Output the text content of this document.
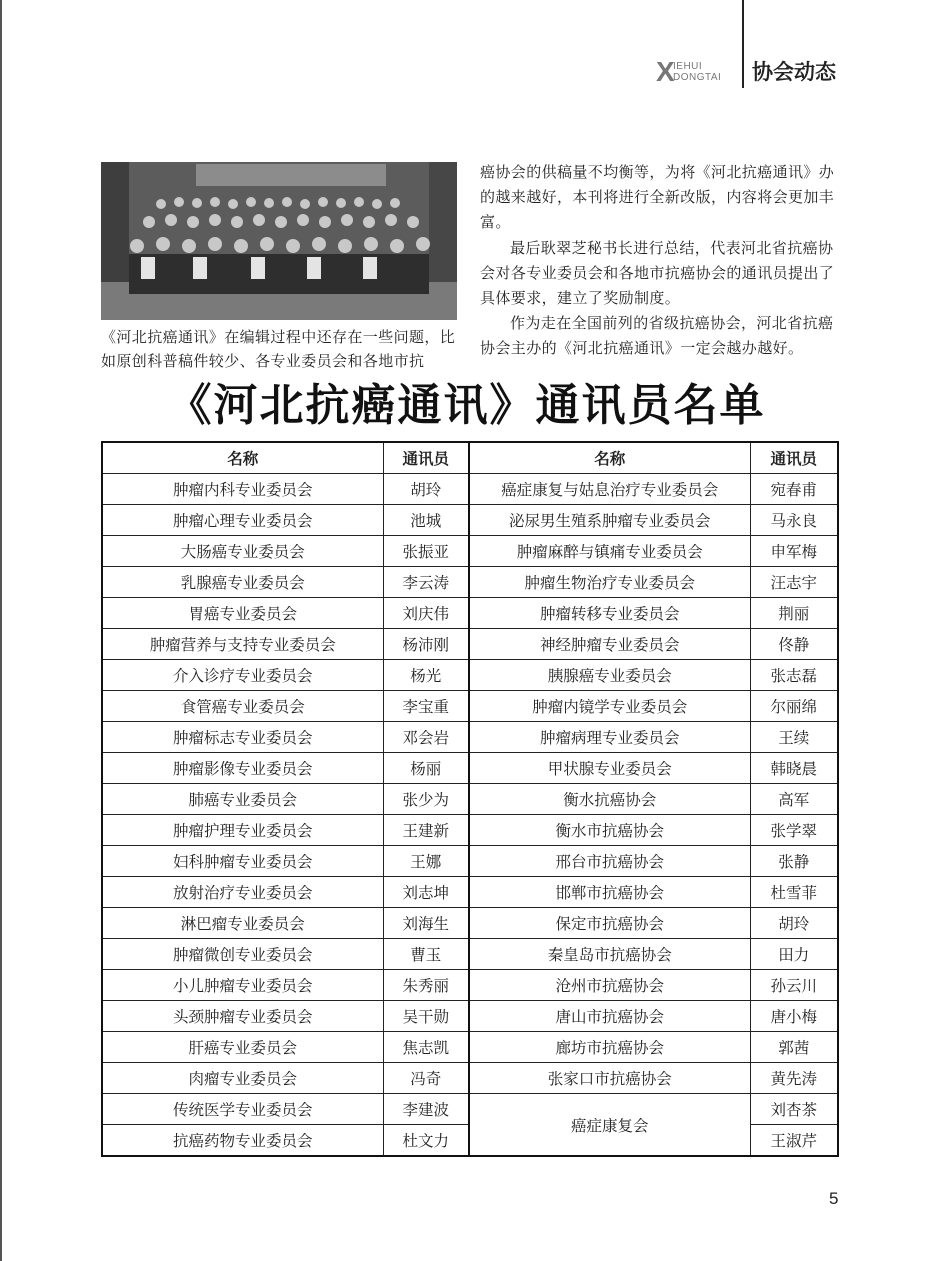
X
IEHUI
DONGTAI 协会动态
《河北抗癌通讯》在编辑过程中还存在一些问题，比如原创科普稿件较少、各专业委员会和各地市抗

癌协会的供稿量不均衡等，为将《河北抗癌通讯》办的越来越好，本刊将进行全新改版，内容将会更加丰富。

最后耿翠芝秘书长进行总结，代表河北省抗癌协会对各专业委员会和各地市抗癌协会的通讯员提出了具体要求，建立了奖励制度。

作为走在全国前列的省级抗癌协会，河北省抗癌协会主办的《河北抗癌通讯》一定会越办越好。

《河北抗癌通讯》通讯员名单
名称	通讯员	名称	通讯员
肿瘤内科专业委员会	胡玲	癌症康复与姑息治疗专业委员会	宛春甫
肿瘤心理专业委员会	池城	泌尿男生殖系肿瘤专业委员会	马永良
大肠癌专业委员会	张振亚	肿瘤麻醉与镇痛专业委员会	申军梅
乳腺癌专业委员会	李云涛	肿瘤生物治疗专业委员会	汪志宇
胃癌专业委员会	刘庆伟	肿瘤转移专业委员会	荆丽
肿瘤营养与支持专业委员会	杨沛刚	神经肿瘤专业委员会	佟静
介入诊疗专业委员会	杨光	胰腺癌专业委员会	张志磊
食管癌专业委员会	李宝重	肿瘤内镜学专业委员会	尔丽绵
肿瘤标志专业委员会	邓会岩	肿瘤病理专业委员会	王续
肿瘤影像专业委员会	杨丽	甲状腺专业委员会	韩晓晨
肺癌专业委员会	张少为	衡水抗癌协会	高军
肿瘤护理专业委员会	王建新	衡水市抗癌协会	张学翠
妇科肿瘤专业委员会	王娜	邢台市抗癌协会	张静
放射治疗专业委员会	刘志坤	邯郸市抗癌协会	杜雪菲
淋巴瘤专业委员会	刘海生	保定市抗癌协会	胡玲
肿瘤微创专业委员会	曹玉	秦皇岛市抗癌协会	田力
小儿肿瘤专业委员会	朱秀丽	沧州市抗癌协会	孙云川
头颈肿瘤专业委员会	吴干勋	唐山市抗癌协会	唐小梅
肝癌专业委员会	焦志凯	廊坊市抗癌协会	郭茜
肉瘤专业委员会	冯奇	张家口市抗癌协会	黄先涛
传统医学专业委员会	李建波	癌症康复会	刘杏茶
抗癌药物专业委员会	杜文力		王淑芹
5
